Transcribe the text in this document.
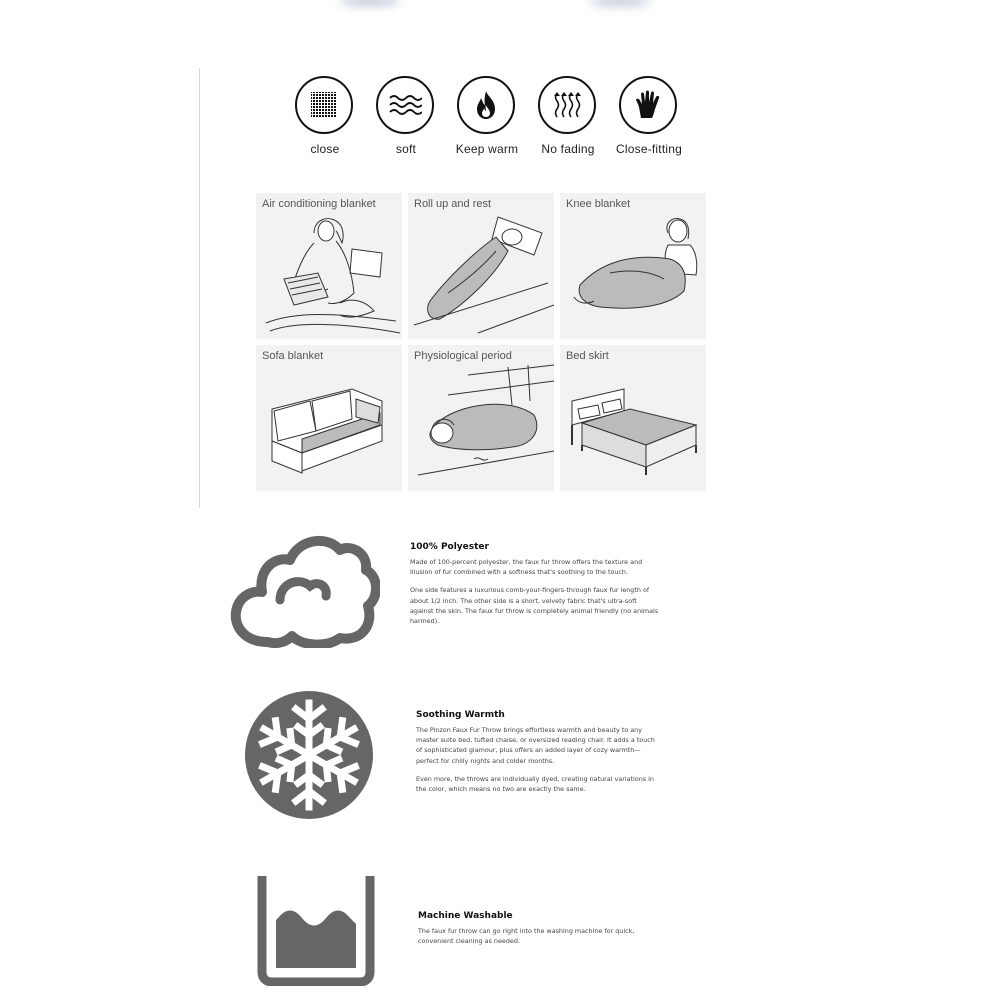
close	soft	Keep warm	No fading	Close-fitting
Air conditioning blanket	Roll up and rest	Knee blanket
Sofa blanket	Physiological period	Bed skirt
100% Polyester

Made of 100-percent polyester, the faux fur throw offers the texture and illusion of fur combined with a softness that's soothing to the touch.

One side features a luxurious comb-your-fingers-through faux fur length of about 1/2 inch. The other side is a short, velvety fabric that's ultra-soft against the skin. The faux fur throw is completely animal friendly (no animals harmed).

Soothing Warmth

The Pinzon Faux Fur Throw brings effortless warmth and beauty to any master suite bed, tufted chaise, or oversized reading chair. It adds a touch of sophisticated glamour, plus offers an added layer of cozy warmth—perfect for chilly nights and colder months.

Even more, the throws are individually dyed, creating natural variations in the color, which means no two are exactly the same.

Machine Washable

The faux fur throw can go right into the washing machine for quick, convenient cleaning as needed.
